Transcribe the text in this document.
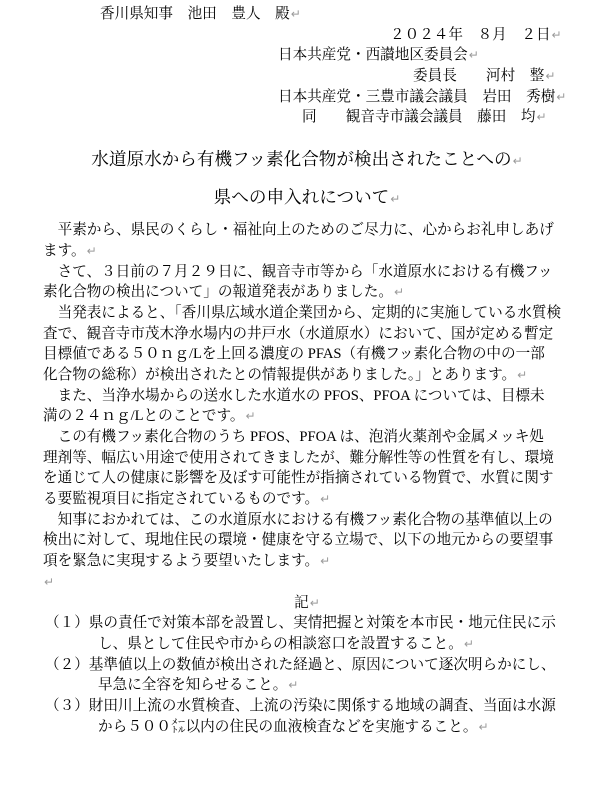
香川県知事　池田　豊人　殿↵
２０２４年　８月　２日↵
日本共産党・西讃地区委員会↵
委員長　　河村　整↵
日本共産党・三豊市議会議員　岩田　秀樹↵
同　　観音寺市議会議員　藤田　均↵
水道原水から有機フッ素化合物が検出されたことへの↵
県への申入れについて↵
　平素から、県民のくらし・福祉向上のためのご尽力に、心からお礼申しあげ
ます。↵
　さて、３日前の７月２９日に、観音寺市等から「水道原水における有機フッ
素化合物の検出について」の報道発表がありました。↵
　当発表によると、「香川県広域水道企業団から、定期的に実施している水質検
査で、観音寺市茂木浄水場内の井戸水（水道原水）において、国が定める暫定
目標値である５０ｎｇ/Lを上回る濃度の PFAS（有機フッ素化合物の中の一部
化合物の総称）が検出されたとの情報提供がありました。」とあります。↵
　また、当浄水場からの送水した水道水の PFOS、PFOA については、目標未
満の２４ｎｇ/Lとのことです。↵
　この有機フッ素化合物のうち PFOS、PFOA は、泡消火薬剤や金属メッキ処
理剤等、幅広い用途で使用されてきましたが、難分解性等の性質を有し、環境
を通じて人の健康に影響を及ぼす可能性が指摘されている物質で、水質に関す
る要監視項目に指定されているものです。↵
　知事におかれては、この水道原水における有機フッ素化合物の基準値以上の
検出に対して、現地住民の環境・健康を守る立場で、以下の地元からの要望事
項を緊急に実現するよう要望いたします。↵
↵
記↵
（１）県の責任で対策本部を設置し、実情把握と対策を本市民・地元住民に示
し、県として住民や市からの相談窓口を設置すること。↵
（２）基準値以上の数値が検出された経過と、原因について逐次明らかにし、
早急に全容を知らせること。↵
（３）財田川上流の水質検査、上流の汚染に関係する地域の調査、当面は水源
から５００㍍以内の住民の血液検査などを実施すること。↵
